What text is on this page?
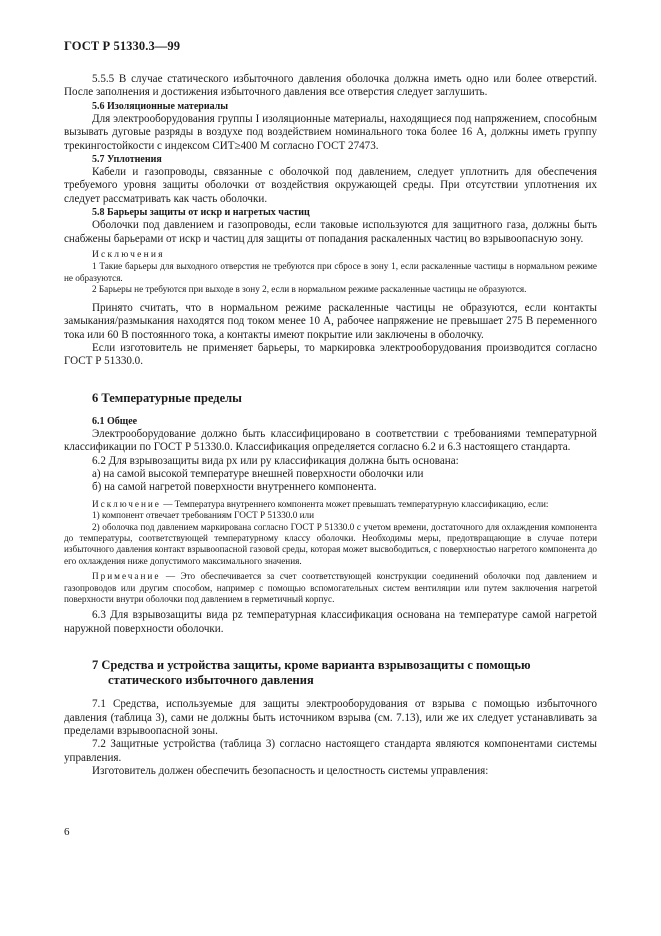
ГОСТ Р 51330.3—99

5.5.5 В случае статического избыточного давления оболочка должна иметь одно или более отверстий. После заполнения и достижения избыточного давления все отверстия следует заглушить.

5.6 Изоляционные материалы

Для электрооборудования группы I изоляционные материалы, находящиеся под напряжением, способным вызывать дуговые разряды в воздухе под воздействием номинального тока более 16 А, должны иметь группу трекингостойкости с индексом СИТ≥400 М согласно ГОСТ 27473.

5.7 Уплотнения

Кабели и газопроводы, связанные с оболочкой под давлением, следует уплотнить для обеспечения требуемого уровня защиты оболочки от воздействия окружающей среды. При отсутствии уплотнения их следует рассматривать как часть оболочки.

5.8 Барьеры защиты от искр и нагретых частиц

Оболочки под давлением и газопроводы, если таковые используются для защитного газа, должны быть снабжены барьерами от искр и частиц для защиты от попадания раскаленных частиц во взрывоопасную зону.

Исключения

1 Такие барьеры для выходного отверстия не требуются при сбросе в зону 1, если раскаленные частицы в нормальном режиме не образуются.

2 Барьеры не требуются при выходе в зону 2, если в нормальном режиме раскаленные частицы не образуются.

Принято считать, что в нормальном режиме раскаленные частицы не образуются, если контакты замыкания/размыкания находятся под током менее 10 А, рабочее напряжение не превышает 275 В переменного тока или 60 В постоянного тока, а контакты имеют покрытие или заключены в оболочку.

Если изготовитель не применяет барьеры, то маркировка электрооборудования производится согласно ГОСТ Р 51330.0.

6 Температурные пределы

6.1 Общее

Электрооборудование должно быть классифицировано в соответствии с требованиями температурной классификации по ГОСТ Р 51330.0. Классификация определяется согласно 6.2 и 6.3 настоящего стандарта.

6.2 Для взрывозащиты вида px или py классификация должна быть основана:

а) на самой высокой температуре внешней поверхности оболочки или

б) на самой нагретой поверхности внутреннего компонента.

Исключение — Температура внутреннего компонента может превышать температурную классификацию, если:

1) компонент отвечает требованиям ГОСТ Р 51330.0 или

2) оболочка под давлением маркирована согласно ГОСТ Р 51330.0 с учетом времени, достаточного для охлаждения компонента до температуры, соответствующей температурному классу оболочки. Необходимы меры, предотвращающие в случае потери избыточного давления контакт взрывоопасной газовой среды, которая может высвободиться, с поверхностью нагретого компонента до его охлаждения ниже допустимого максимального значения.

Примечание — Это обеспечивается за счет соответствующей конструкции соединений оболочки под давлением и газопроводов или другим способом, например с помощью вспомогательных систем вентиляции или путем заключения нагретой поверхности внутри оболочки под давлением в герметичный корпус.

6.3 Для взрывозащиты вида pz температурная классификация основана на температуре самой нагретой наружной поверхности оболочки.

7 Средства и устройства защиты, кроме варианта взрывозащиты с помощью
статического избыточного давления

7.1 Средства, используемые для защиты электрооборудования от взрыва с помощью избыточного давления (таблица 3), сами не должны быть источником взрыва (см. 7.13), или же их следует устанавливать за пределами взрывоопасной зоны.

7.2 Защитные устройства (таблица 3) согласно настоящего стандарта являются компонентами системы управления.

Изготовитель должен обеспечить безопасность и целостность системы управления:

6
